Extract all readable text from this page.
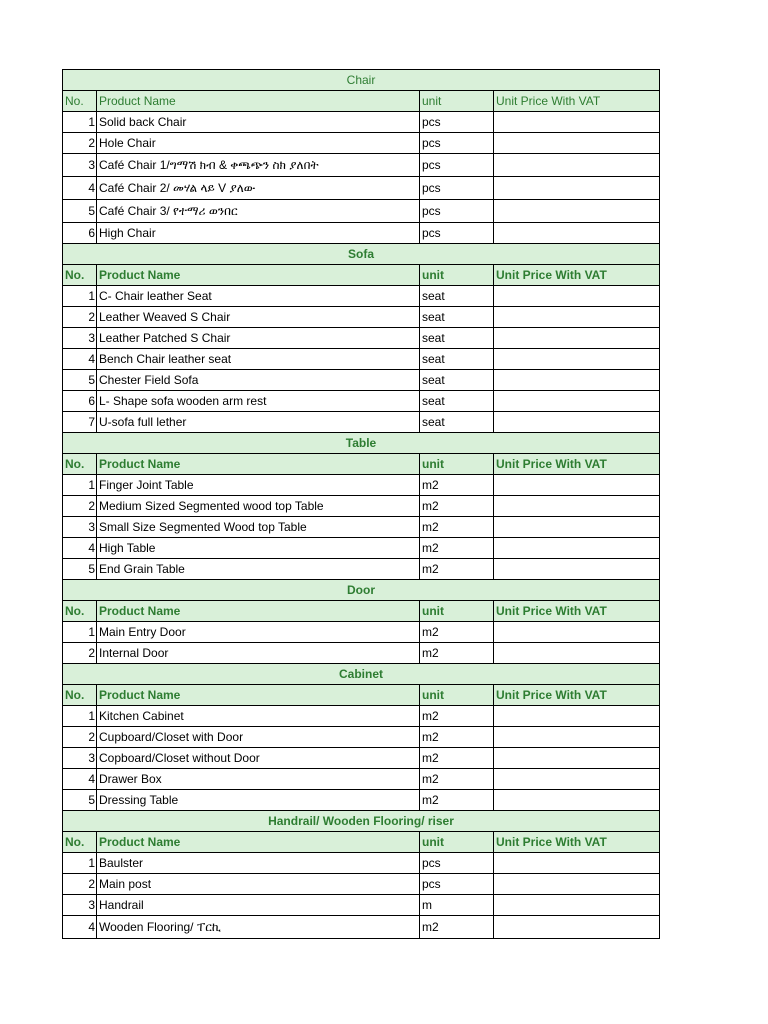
Chair			
No.	Product Name	unit	Unit Price With VAT
1	Solid back Chair	pcs	
2	Hole Chair	pcs	
3	Café Chair 1/ግማሽ ክብ & ቀጫጭን ስክ ያለበት	pcs	
4	Café Chair 2/ መሃል ላይ V ያለው	pcs	
5	Café Chair 3/ የተማሪ ወንበር	pcs	
6	High Chair	pcs	
Sofa			
No.	Product Name	unit	Unit Price With VAT
1	C- Chair leather Seat	seat	
2	Leather Weaved S Chair	seat	
3	Leather Patched S Chair	seat	
4	Bench Chair leather seat	seat	
5	Chester Field Sofa	seat	
6	L- Shape sofa wooden arm rest	seat	
7	U-sofa full lether	seat	
Table			
No.	Product Name	unit	Unit Price With VAT
1	Finger Joint Table	m2	
2	Medium Sized Segmented wood top Table	m2	
3	Small Size Segmented Wood top Table	m2	
4	High Table	m2	
5	End Grain Table	m2	
Door			
No.	Product Name	unit	Unit Price With VAT
1	Main Entry Door	m2	
2	Internal Door	m2	
Cabinet			
No.	Product Name	unit	Unit Price With VAT
1	Kitchen Cabinet	m2	
2	Cupboard/Closet with Door	m2	
3	Copboard/Closet without Door	m2	
4	Drawer Box	m2	
5	Dressing Table	m2	
Handrail/ Wooden Flooring/ riser			
No.	Product Name	unit	Unit Price With VAT
1	Baulster	pcs	
2	Main post	pcs	
3	Handrail	m	
4	Wooden Flooring/ ፐርኪ	m2	
